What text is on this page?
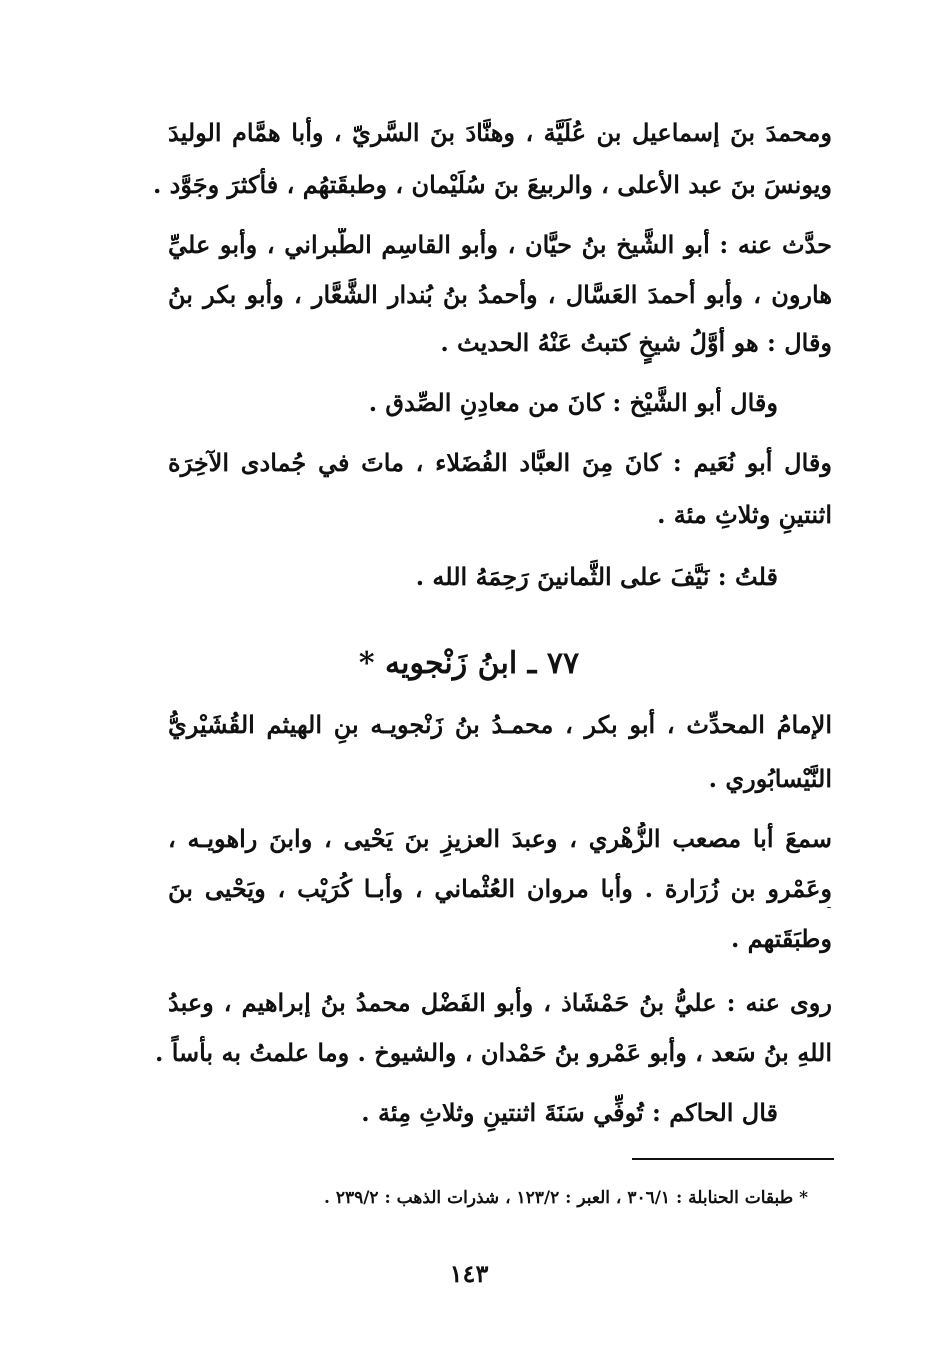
ومحمدَ بنَ إسماعيل بن عُلَيَّة ، وهنَّادَ بنَ السَّريّ ، وأبا همَّام الوليدَ
ويونسَ بنَ عبد الأعلى ، والربيعَ بنَ سُلَيْمان ، وطبقَتهُم ، فأكثرَ وجَوَّد .
حدَّث عنه : أبو الشَّيخ بنُ حيَّان ، وأبو القاسِم الطَّبراني ، وأبو عليِّ
هارون ، وأبو أحمدَ العَسَّال ، وأحمدُ بنُ بُندار الشَّعَّار ، وأبو بكر بنُ
وقال : هو أوَّلُ شيخٍ كتبتُ عَنْهُ الحديث .
وقال أبو الشَّيْخ : كانَ من معادِنِ الصِّدق .
وقال أبو نُعَيم : كانَ مِنَ العبَّاد الفُضَلاء ، ماتَ في جُمادى الآخِرَة
اثنتينِ وثلاثِ مئة .
قلتُ : نَيَّفَ على الثَّمانينَ رَحِمَهُ الله .
٧٧ ـ ابنُ زَنْجويه *
الإمامُ المحدِّث ، أبو بكر ، محمـدُ بنُ زَنْجويـه بنِ الهيثم القُشَيْريُّ
النَّيْسابُوري .
سمعَ أبا مصعب الزُّهْري ، وعبدَ العزيزِ بنَ يَحْيى ، وابنَ راهويـه ،
وعَمْرو بن زُرَارة . وأبا مروان العُثْماني ، وأبـا كُرَيْب ، ويَحْيى بنَ
وطبَقَتهم .
روى عنه : عليُّ بنُ حَمْشَاذ ، وأبو الفَضْل محمدُ بنُ إبراهيم ، وعبدُ
اللهِ بنُ سَعد ، وأبو عَمْرو بنُ حَمْدان ، والشيوخ . وما علمتُ به بأساً .
قال الحاكم : تُوفِّي سَنَةَ اثنتينِ وثلاثِ مِئة .
* طبقات الحنابلة : ٣٠٦/١ ، العبر : ١٢٣/٢ ، شذرات الذهب : ٢٣٩/٢ .
١٤٣
